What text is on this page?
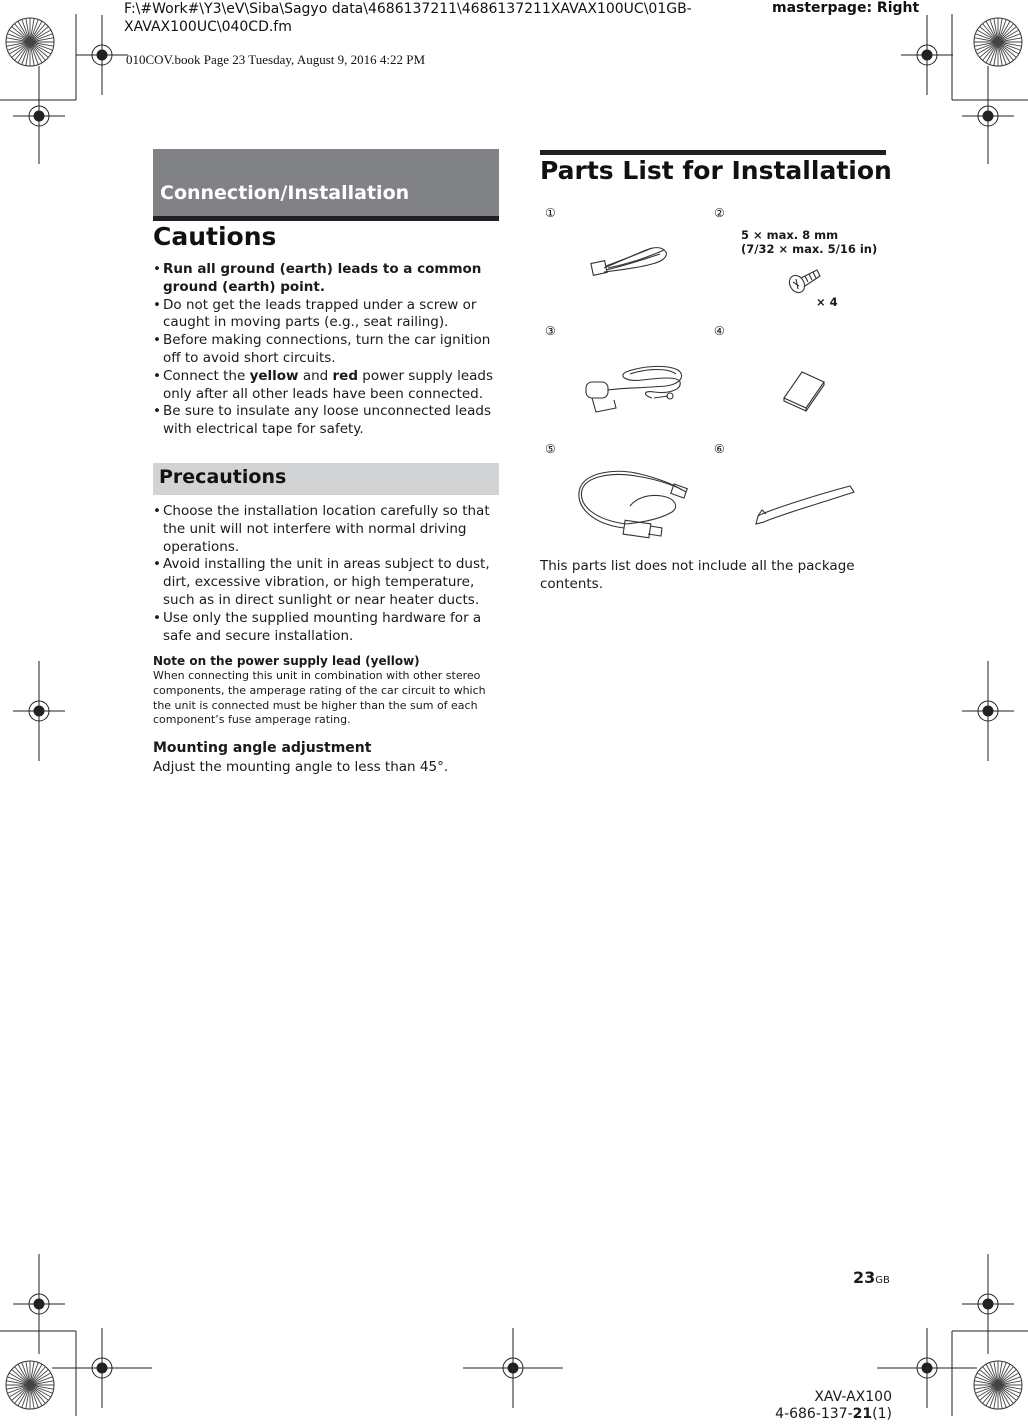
F:\#Work#\Y3\eV\Siba\Sagyo data\4686137211\4686137211XAVAX100UC\01GB-
XAVAX100UC\040CD.fm
masterpage: Right
010COV.book Page 23 Tuesday, August 9, 2016 4:22 PM
Connection/Installation
Cautions
• Run all ground (earth) leads to a common ground (earth) point.
• Do not get the leads trapped under a screw or caught in moving parts (e.g., seat railing).
• Before making connections, turn the car ignition off to avoid short circuits.
• Connect the yellow and red power supply leads only after all other leads have been connected.
• Be sure to insulate any loose unconnected leads with electrical tape for safety.
Precautions
• Choose the installation location carefully so that the unit will not interfere with normal driving operations.
• Avoid installing the unit in areas subject to dust, dirt, excessive vibration, or high temperature, such as in direct sunlight or near heater ducts.
• Use only the supplied mounting hardware for a safe and secure installation.
Note on the power supply lead (yellow)
When connecting this unit in combination with other stereo components, the amperage rating of the car circuit to which the unit is connected must be higher than the sum of each component’s fuse amperage rating.
Mounting angle adjustment
Adjust the mounting angle to less than 45°.
Parts List for Installation
①	②
③	④
⑤	⑥
5 × max. 8 mm
(7/32 × max. 5/16 in)
× 4
This parts list does not include all the package contents.
23GB
XAV-AX100
4-686-137-21(1)
